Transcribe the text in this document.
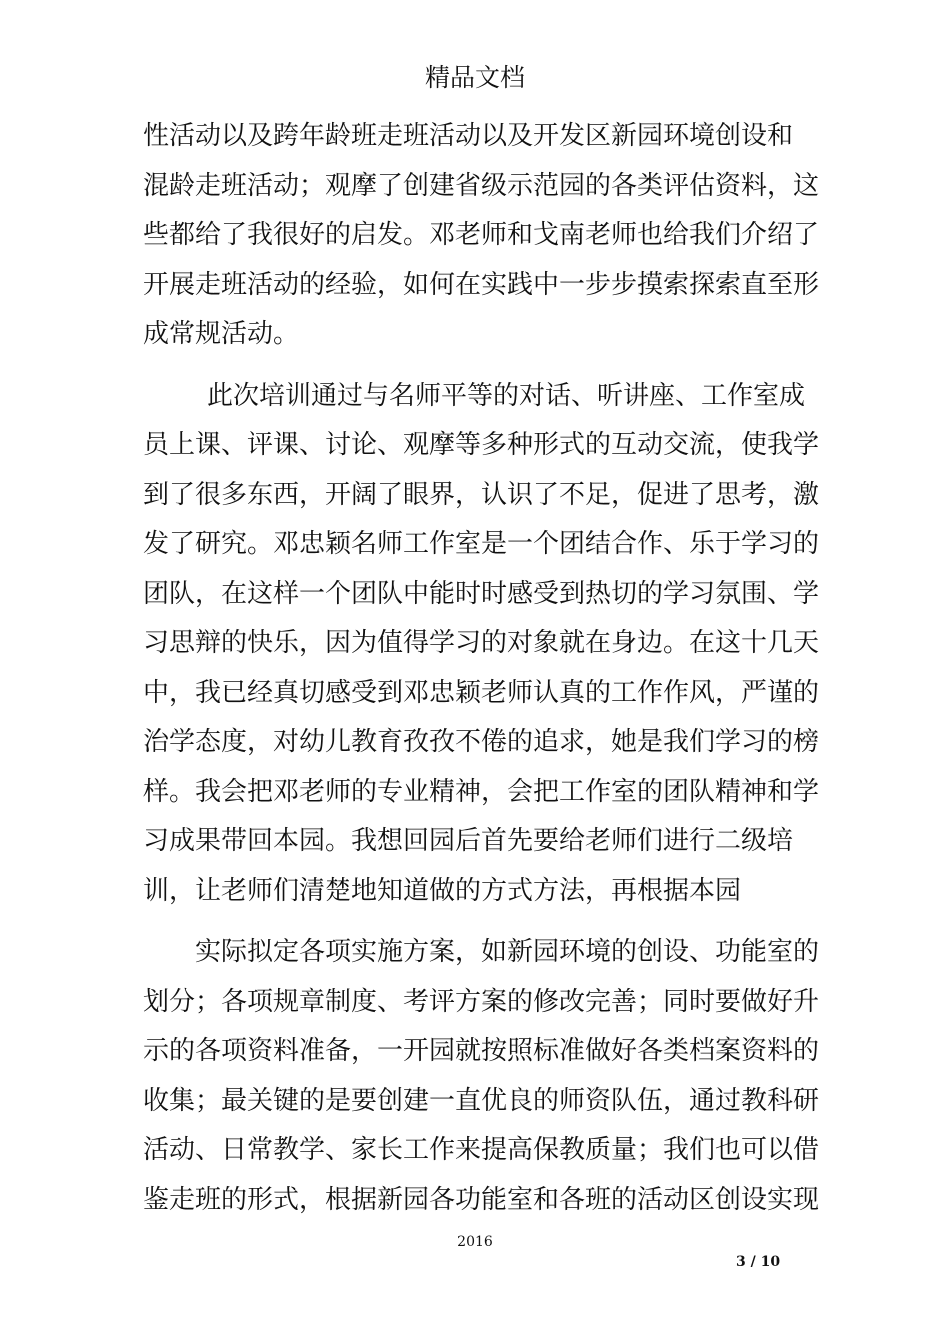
精品文档
性活动以及跨年龄班走班活动以及开发区新园环境创设和
混龄走班活动；观摩了创建省级示范园的各类评估资料，这
些都给了我很好的启发。邓老师和戈南老师也给我们介绍了
开展走班活动的经验，如何在实践中一步步摸索探索直至形
成常规活动。
　此次培训通过与名师平等的对话、听讲座、工作室成
员上课、评课、讨论、观摩等多种形式的互动交流，使我学
到了很多东西，开阔了眼界，认识了不足，促进了思考，激
发了研究。邓忠颖名师工作室是一个团结合作、乐于学习的
团队，在这样一个团队中能时时感受到热切的学习氛围、学
习思辩的快乐，因为值得学习的对象就在身边。在这十几天
中，我已经真切感受到邓忠颖老师认真的工作作风，严谨的
治学态度，对幼儿教育孜孜不倦的追求，她是我们学习的榜
样。我会把邓老师的专业精神，会把工作室的团队精神和学
习成果带回本园。我想回园后首先要给老师们进行二级培
训，让老师们清楚地知道做的方式方法，再根据本园
实际拟定各项实施方案，如新园环境的创设、功能室的
划分；各项规章制度、考评方案的修改完善；同时要做好升
示的各项资料准备，一开园就按照标准做好各类档案资料的
收集；最关键的是要创建一直优良的师资队伍，通过教科研
活动、日常教学、家长工作来提高保教质量；我们也可以借
鉴走班的形式，根据新园各功能室和各班的活动区创设实现
2016
3 / 10
